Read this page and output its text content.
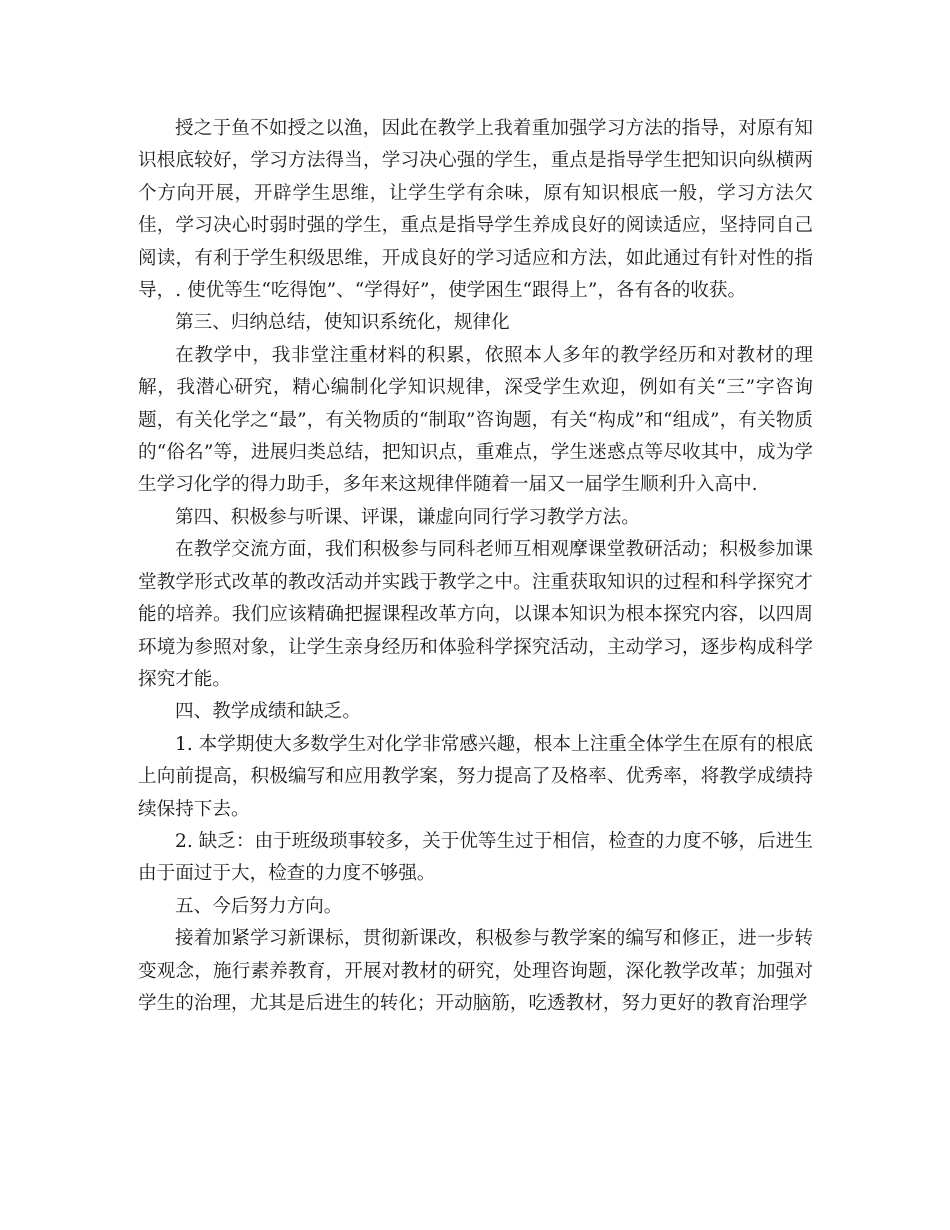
授之于鱼不如授之以渔，因此在教学上我着重加强学习方法的指导，对原有知识根底较好，学习方法得当，学习决心强的学生，重点是指导学生把知识向纵横两个方向开展，开辟学生思维，让学生学有余味，原有知识根底一般，学习方法欠佳，学习决心时弱时强的学生，重点是指导学生养成良好的阅读适应，坚持同自己阅读，有利于学生积级思维，开成良好的学习适应和方法，如此通过有针对性的指导，. 使优等生“吃得饱”、“学得好”，使学困生“跟得上”，各有各的收获。

第三、归纳总结，使知识系统化，规律化

在教学中，我非堂注重材料的积累，依照本人多年的教学经历和对教材的理解，我潜心研究，精心编制化学知识规律，深受学生欢迎，例如有关“三”字咨询题，有关化学之“最”，有关物质的“制取”咨询题，有关“构成”和“组成”，有关物质的“俗名”等，进展归类总结，把知识点，重难点，学生迷惑点等尽收其中，成为学生学习化学的得力助手，多年来这规律伴随着一届又一届学生顺利升入高中.

第四、积极参与听课、评课，谦虚向同行学习教学方法。

在教学交流方面，我们积极参与同科老师互相观摩课堂教研活动；积极参加课堂教学形式改革的教改活动并实践于教学之中。注重获取知识的过程和科学探究才能的培养。我们应该精确把握课程改革方向，以课本知识为根本探究内容，以四周环境为参照对象，让学生亲身经历和体验科学探究活动，主动学习，逐步构成科学探究才能。

四、教学成绩和缺乏。

1. 本学期使大多数学生对化学非常感兴趣，根本上注重全体学生在原有的根底上向前提高，积极编写和应用教学案，努力提高了及格率、优秀率，将教学成绩持续保持下去。

2. 缺乏：由于班级琐事较多，关于优等生过于相信，检查的力度不够，后进生由于面过于大，检查的力度不够强。

五、今后努力方向。

接着加紧学习新课标，贯彻新课改，积极参与教学案的编写和修正，进一步转变观念，施行素养教育，开展对教材的研究，处理咨询题，深化教学改革；加强对学生的治理，尤其是后进生的转化；开动脑筋，吃透教材，努力更好的教育治理学
